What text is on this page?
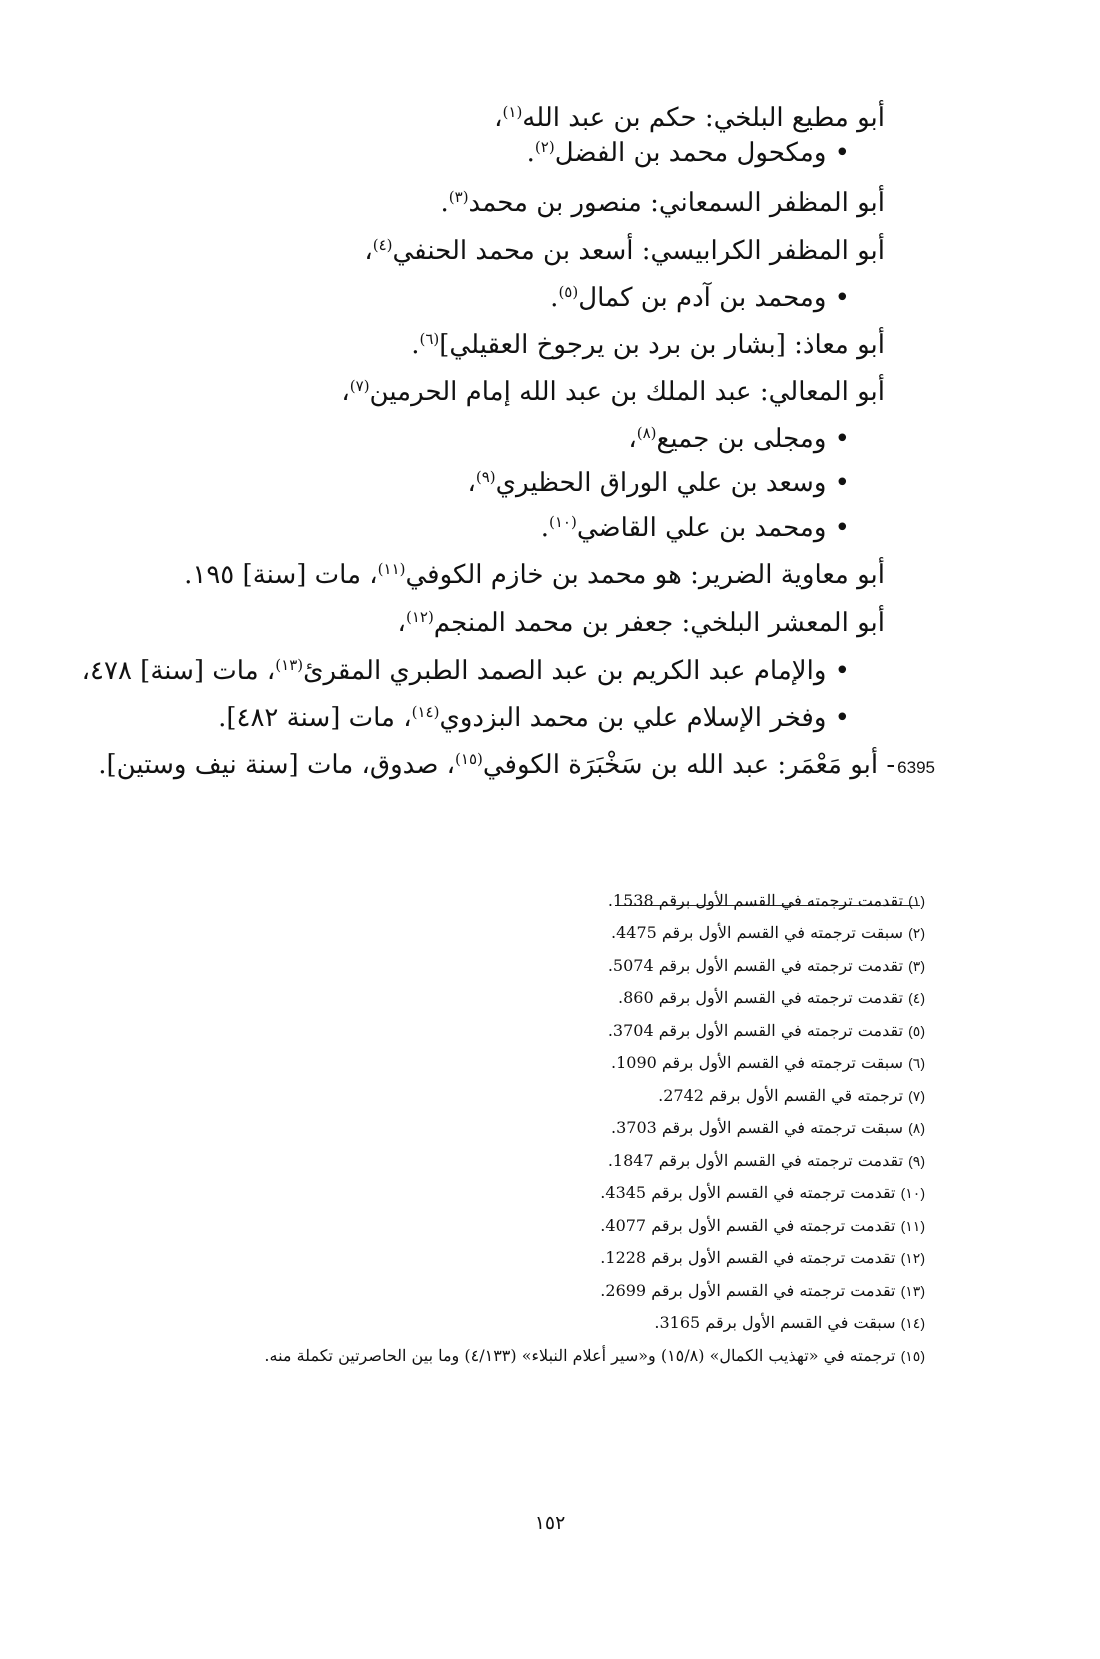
أبو مطيع البلخي: حكم بن عبد الله$^{(١)}$،
• ومكحول محمد بن الفضل$^{(٢)}$.
أبو المظفر السمعاني: منصور بن محمد$^{(٣)}$.
أبو المظفر الكرابيسي: أسعد بن محمد الحنفي$^{(٤)}$،
• ومحمد بن آدم بن كمال$^{(٥)}$.
أبو معاذ: [بشار بن برد بن يرجوخ العقيلي]$^{(٦)}$.
أبو المعالي: عبد الملك بن عبد الله إمام الحرمين$^{(٧)}$،
• ومجلى بن جميع$^{(٨)}$،
• وسعد بن علي الوراق الحظيري$^{(٩)}$،
• ومحمد بن علي القاضي$^{(١٠)}$.
أبو معاوية الضرير: هو محمد بن خازم الكوفي$^{(١١)}$، مات [سنة] ١٩٥.
أبو المعشر البلخي: جعفر بن محمد المنجم$^{(١٢)}$،
• والإمام عبد الكريم بن عبد الصمد الطبري المقرئ$^{(١٣)}$، مات [سنة] ٤٧٨،
• وفخر الإسلام علي بن محمد البزدوي$^{(١٤)}$، مات [سنة ٤٨٢].
6395- أبو مَعْمَر: عبد الله بن سَخْبَرَة الكوفي$^{(١٥)}$، صدوق، مات [سنة نيف وستين].
(١) تقدمت ترجمته في القسم الأول برقم 1538.
(٢) سبقت ترجمته في القسم الأول برقم 4475.
(٣) تقدمت ترجمته في القسم الأول برقم 5074.
(٤) تقدمت ترجمته في القسم الأول برقم 860.
(٥) تقدمت ترجمته في القسم الأول برقم 3704.
(٦) سبقت ترجمته في القسم الأول برقم 1090.
(٧) ترجمته قي القسم الأول برقم 2742.
(٨) سبقت ترجمته في القسم الأول برقم 3703.
(٩) تقدمت ترجمته في القسم الأول برقم 1847.
(١٠) تقدمت ترجمته في القسم الأول برقم 4345.
(١١) تقدمت ترجمته في القسم الأول برقم 4077.
(١٢) تقدمت ترجمته في القسم الأول برقم 1228.
(١٣) تقدمت ترجمته في القسم الأول برقم 2699.
(١٤) سبقت في القسم الأول برقم 3165.
(١٥) ترجمته في «تهذيب الكمال» (١٥/٨) و«سير أعلام النبلاء» (٤/١٣٣) وما بين الحاصرتين تكملة منه.
١٥٢
